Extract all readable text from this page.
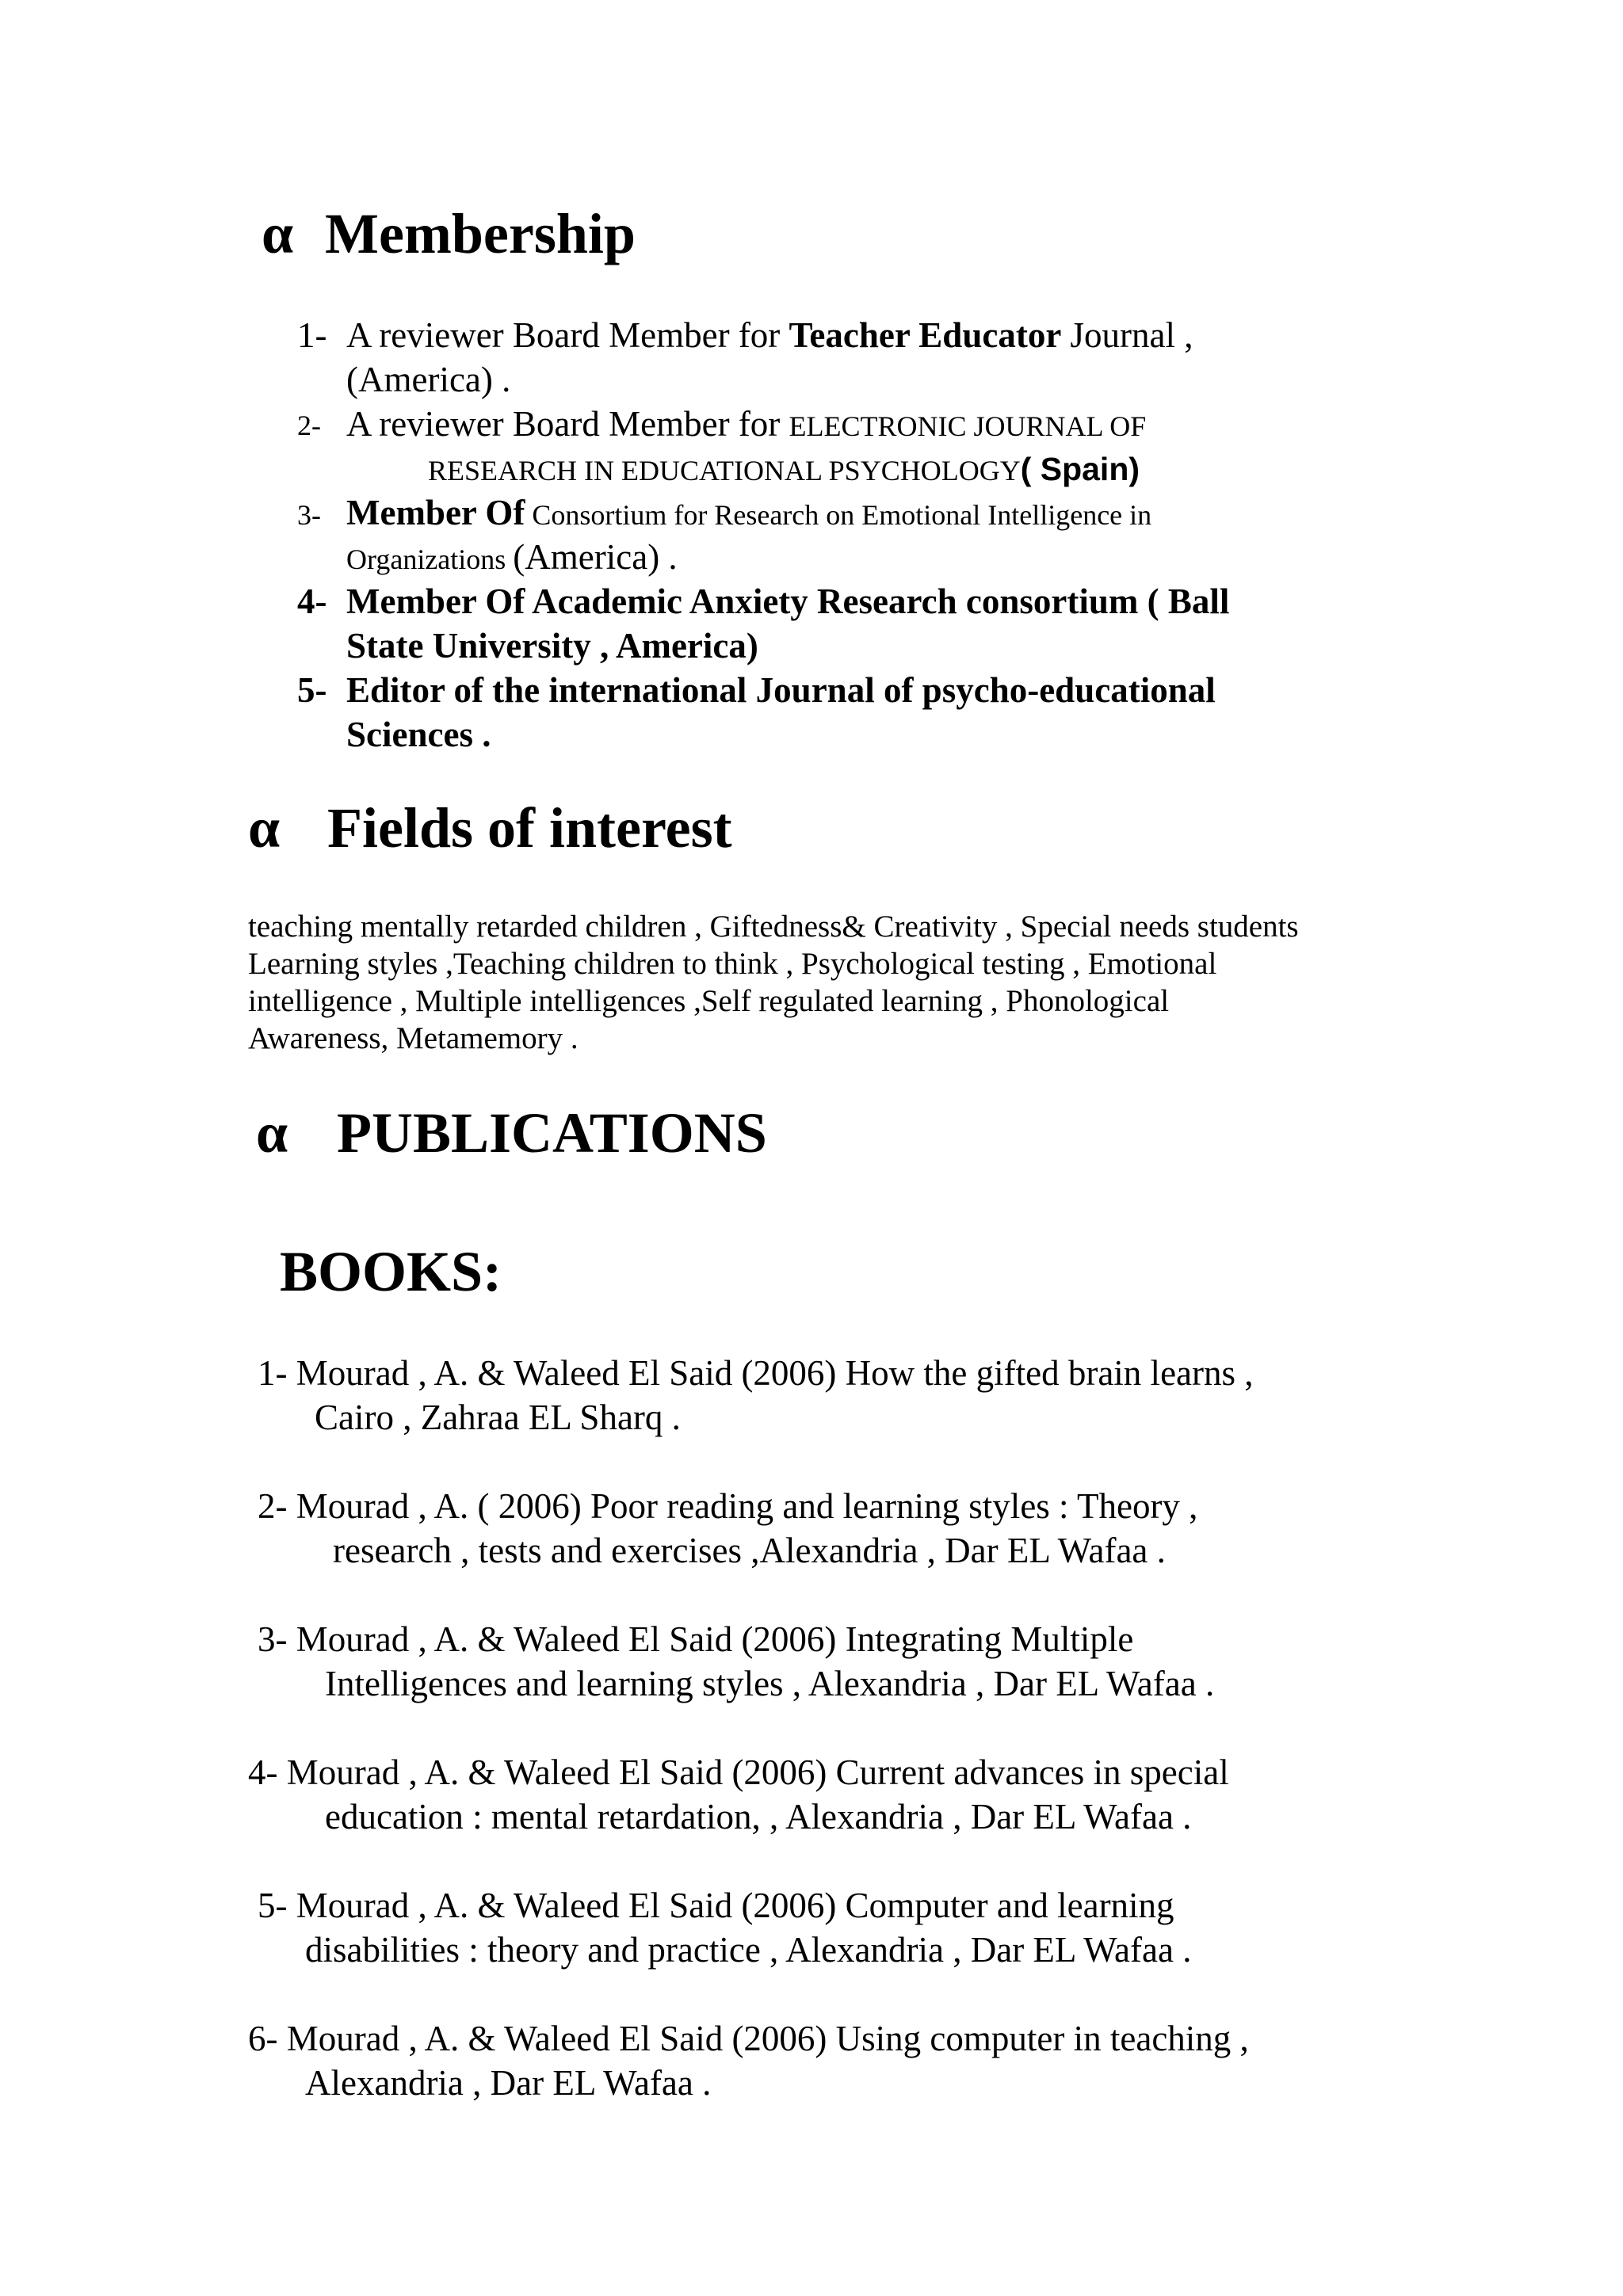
α Membership
1- A reviewer Board Member for Teacher Educator Journal ,
(America) .
2- A reviewer Board Member for ELECTRONIC JOURNAL OF
RESEARCH IN EDUCATIONAL PSYCHOLOGY( Spain)
3- Member Of Consortium for Research on Emotional Intelligence in
Organizations (America) .
4- Member Of Academic Anxiety Research consortium ( Ball
State University , America)
5- Editor of the international Journal of psycho-educational
Sciences .
α Fields of interest
teaching mentally retarded children , Giftedness& Creativity , Special needs students
Learning styles ,Teaching children to think , Psychological testing , Emotional
intelligence , Multiple intelligences ,Self regulated learning , Phonological
Awareness, Metamemory .
α PUBLICATIONS
BOOKS:
1- Mourad , A. & Waleed El Said (2006) How the gifted brain learns ,
Cairo , Zahraa EL Sharq .
2- Mourad , A. ( 2006) Poor reading and learning styles : Theory ,
research , tests and exercises ,Alexandria , Dar EL Wafaa .
3- Mourad , A. & Waleed El Said (2006) Integrating Multiple
Intelligences and learning styles , Alexandria , Dar EL Wafaa .
4- Mourad , A. & Waleed El Said (2006) Current advances in special
education : mental retardation, , Alexandria , Dar EL Wafaa .
5- Mourad , A. & Waleed El Said (2006) Computer and learning
disabilities : theory and practice , Alexandria , Dar EL Wafaa .
6- Mourad , A. & Waleed El Said (2006) Using computer in teaching ,
Alexandria , Dar EL Wafaa .
